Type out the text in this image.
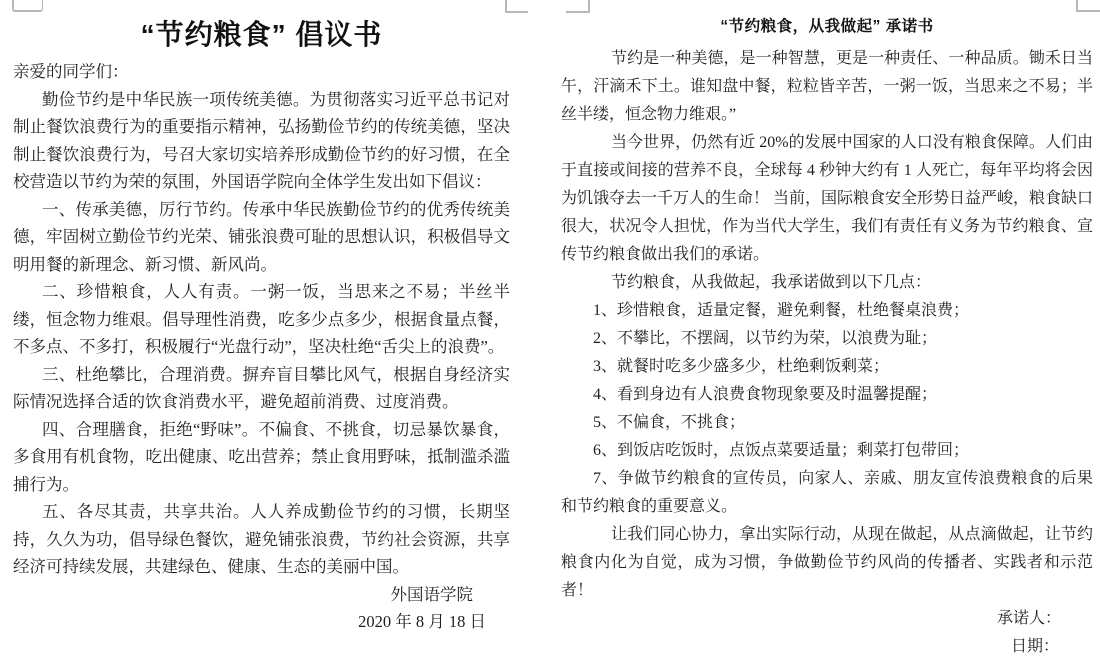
“节约粮食” 倡议书
亲爱的同学们：

勤俭节约是中华民族一项传统美德。为贯彻落实习近平总书记对制止餐饮浪费行为的重要指示精神，弘扬勤俭节约的传统美德，坚决制止餐饮浪费行为，号召大家切实培养形成勤俭节约的好习惯，在全校营造以节约为荣的氛围，外国语学院向全体学生发出如下倡议：

一、传承美德，厉行节约。传承中华民族勤俭节约的优秀传统美德，牢固树立勤俭节约光荣、铺张浪费可耻的思想认识，积极倡导文明用餐的新理念、新习惯、新风尚。

二、珍惜粮食，人人有责。一粥一饭，当思来之不易；半丝半缕，恒念物力维艰。倡导理性消费，吃多少点多少，根据食量点餐，不多点、不多打，积极履行“光盘行动”，坚决杜绝“舌尖上的浪费”。

三、杜绝攀比，合理消费。摒弃盲目攀比风气，根据自身经济实际情况选择合适的饮食消费水平，避免超前消费、过度消费。

四、合理膳食，拒绝“野味”。不偏食、不挑食，切忌暴饮暴食，多食用有机食物，吃出健康、吃出营养；禁止食用野味，抵制滥杀滥捕行为。

五、各尽其责，共享共治。人人养成勤俭节约的习惯，长期坚持，久久为功，倡导绿色餐饮，避免铺张浪费，节约社会资源，共享经济可持续发展，共建绿色、健康、生态的美丽中国。

外国语学院
2020 年 8 月 18 日
“节约粮食，从我做起” 承诺书

节约是一种美德，是一种智慧，更是一种责任、一种品质。锄禾日当午，汗滴禾下土。谁知盘中餐，粒粒皆辛苦，一粥一饭，当思来之不易；半丝半缕，恒念物力维艰。”

当今世界，仍然有近 20%的发展中国家的人口没有粮食保障。人们由于直接或间接的营养不良，全球每 4 秒钟大约有 1 人死亡，每年平均将会因为饥饿夺去一千万人的生命！ 当前，国际粮食安全形势日益严峻，粮食缺口很大，状况令人担忧，作为当代大学生，我们有责任有义务为节约粮食、宣传节约粮食做出我们的承诺。

节约粮食，从我做起，我承诺做到以下几点：

1、珍惜粮食，适量定餐，避免剩餐，杜绝餐桌浪费；

2、不攀比，不摆阔，以节约为荣，以浪费为耻；

3、就餐时吃多少盛多少，杜绝剩饭剩菜；

4、看到身边有人浪费食物现象要及时温馨提醒；

5、不偏食，不挑食；

6、到饭店吃饭时，点饭点菜要适量；剩菜打包带回；

7、争做节约粮食的宣传员，向家人、亲戚、朋友宣传浪费粮食的后果和节约粮食的重要意义。

让我们同心协力，拿出实际行动，从现在做起，从点滴做起，让节约粮食内化为自觉，成为习惯，争做勤俭节约风尚的传播者、实践者和示范者！

承诺人：
日期：
